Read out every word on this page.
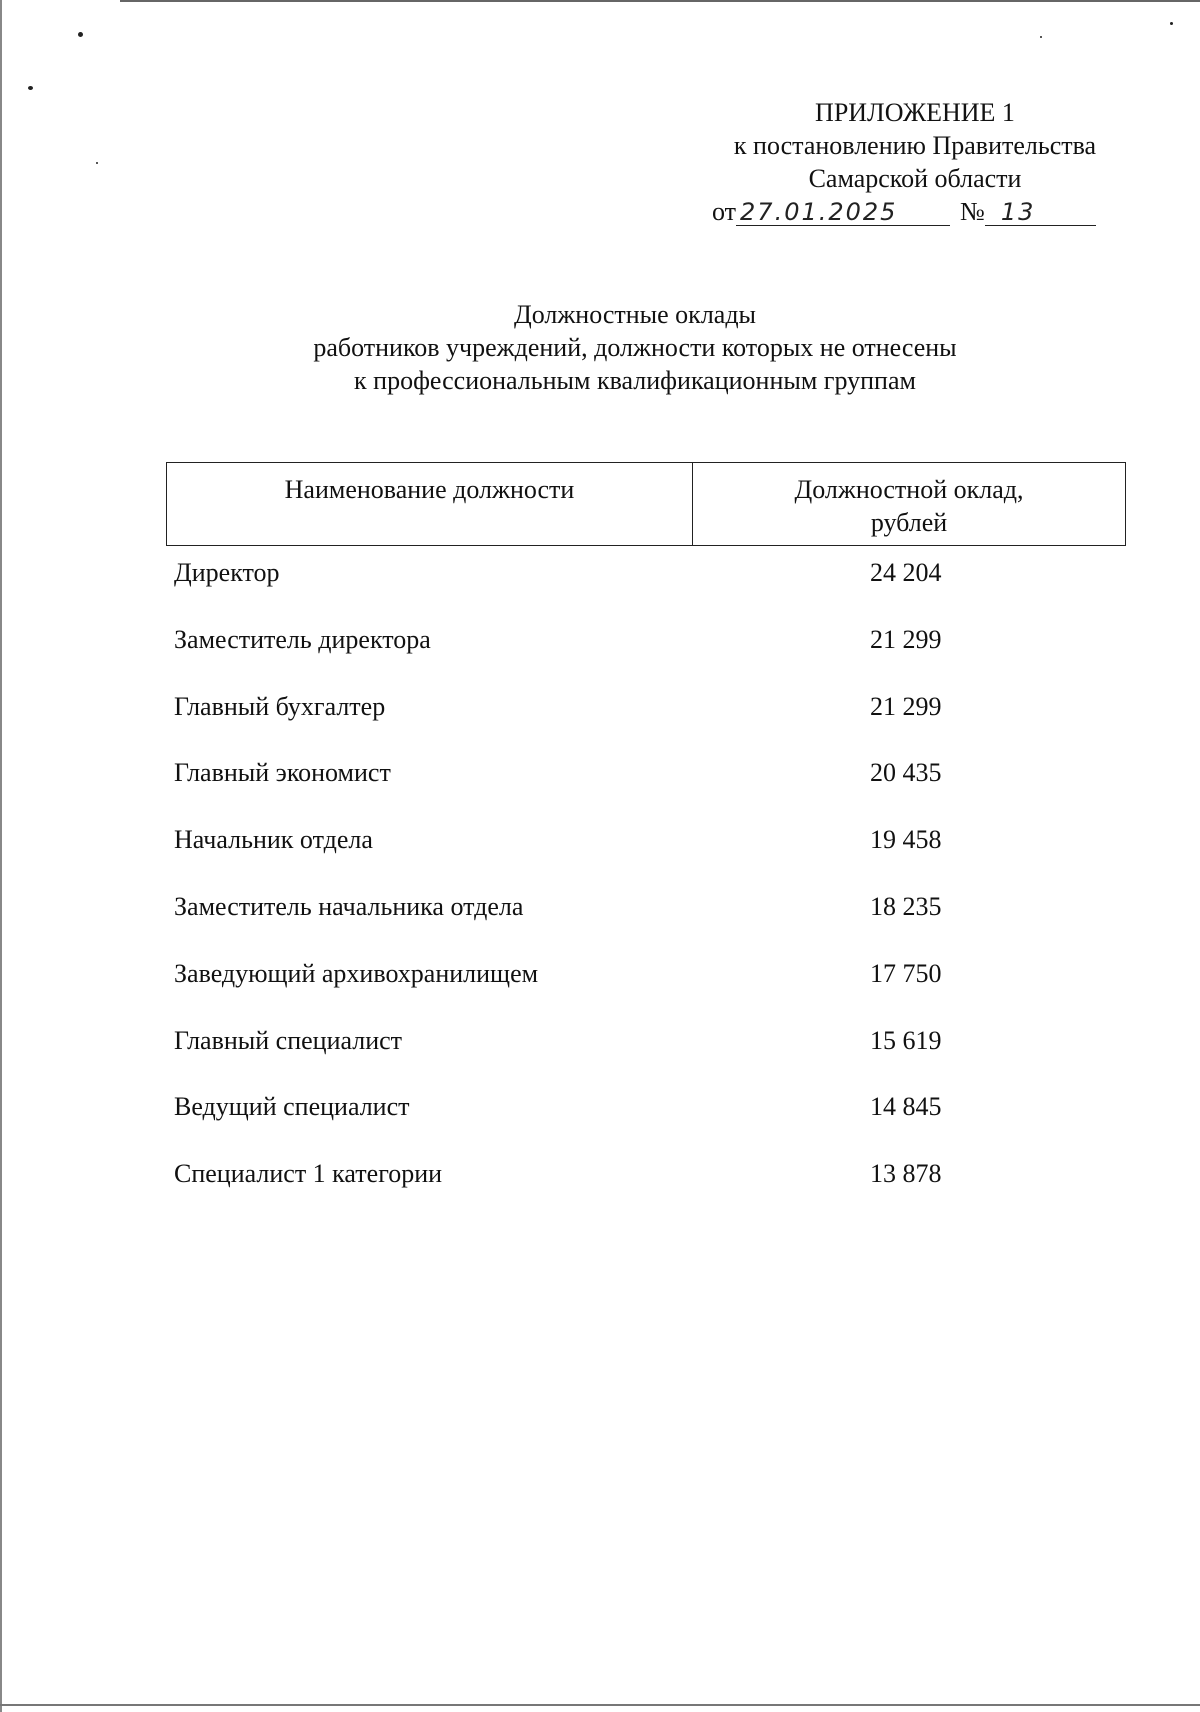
ПРИЛОЖЕНИЕ 1
к постановлению Правительства
Самарской области
от 27.01.2025 № 13
Должностные оклады
работников учреждений, должности которых не отнесены
к профессиональным квалификационным группам
Наименование должности	Должностной оклад,
рублей
Директор	24 204
Заместитель директора	21 299
Главный бухгалтер	21 299
Главный экономист	20 435
Начальник отдела	19 458
Заместитель начальника отдела	18 235
Заведующий архивохранилищем	17 750
Главный специалист	15 619
Ведущий специалист	14 845
Специалист 1 категории	13 878
